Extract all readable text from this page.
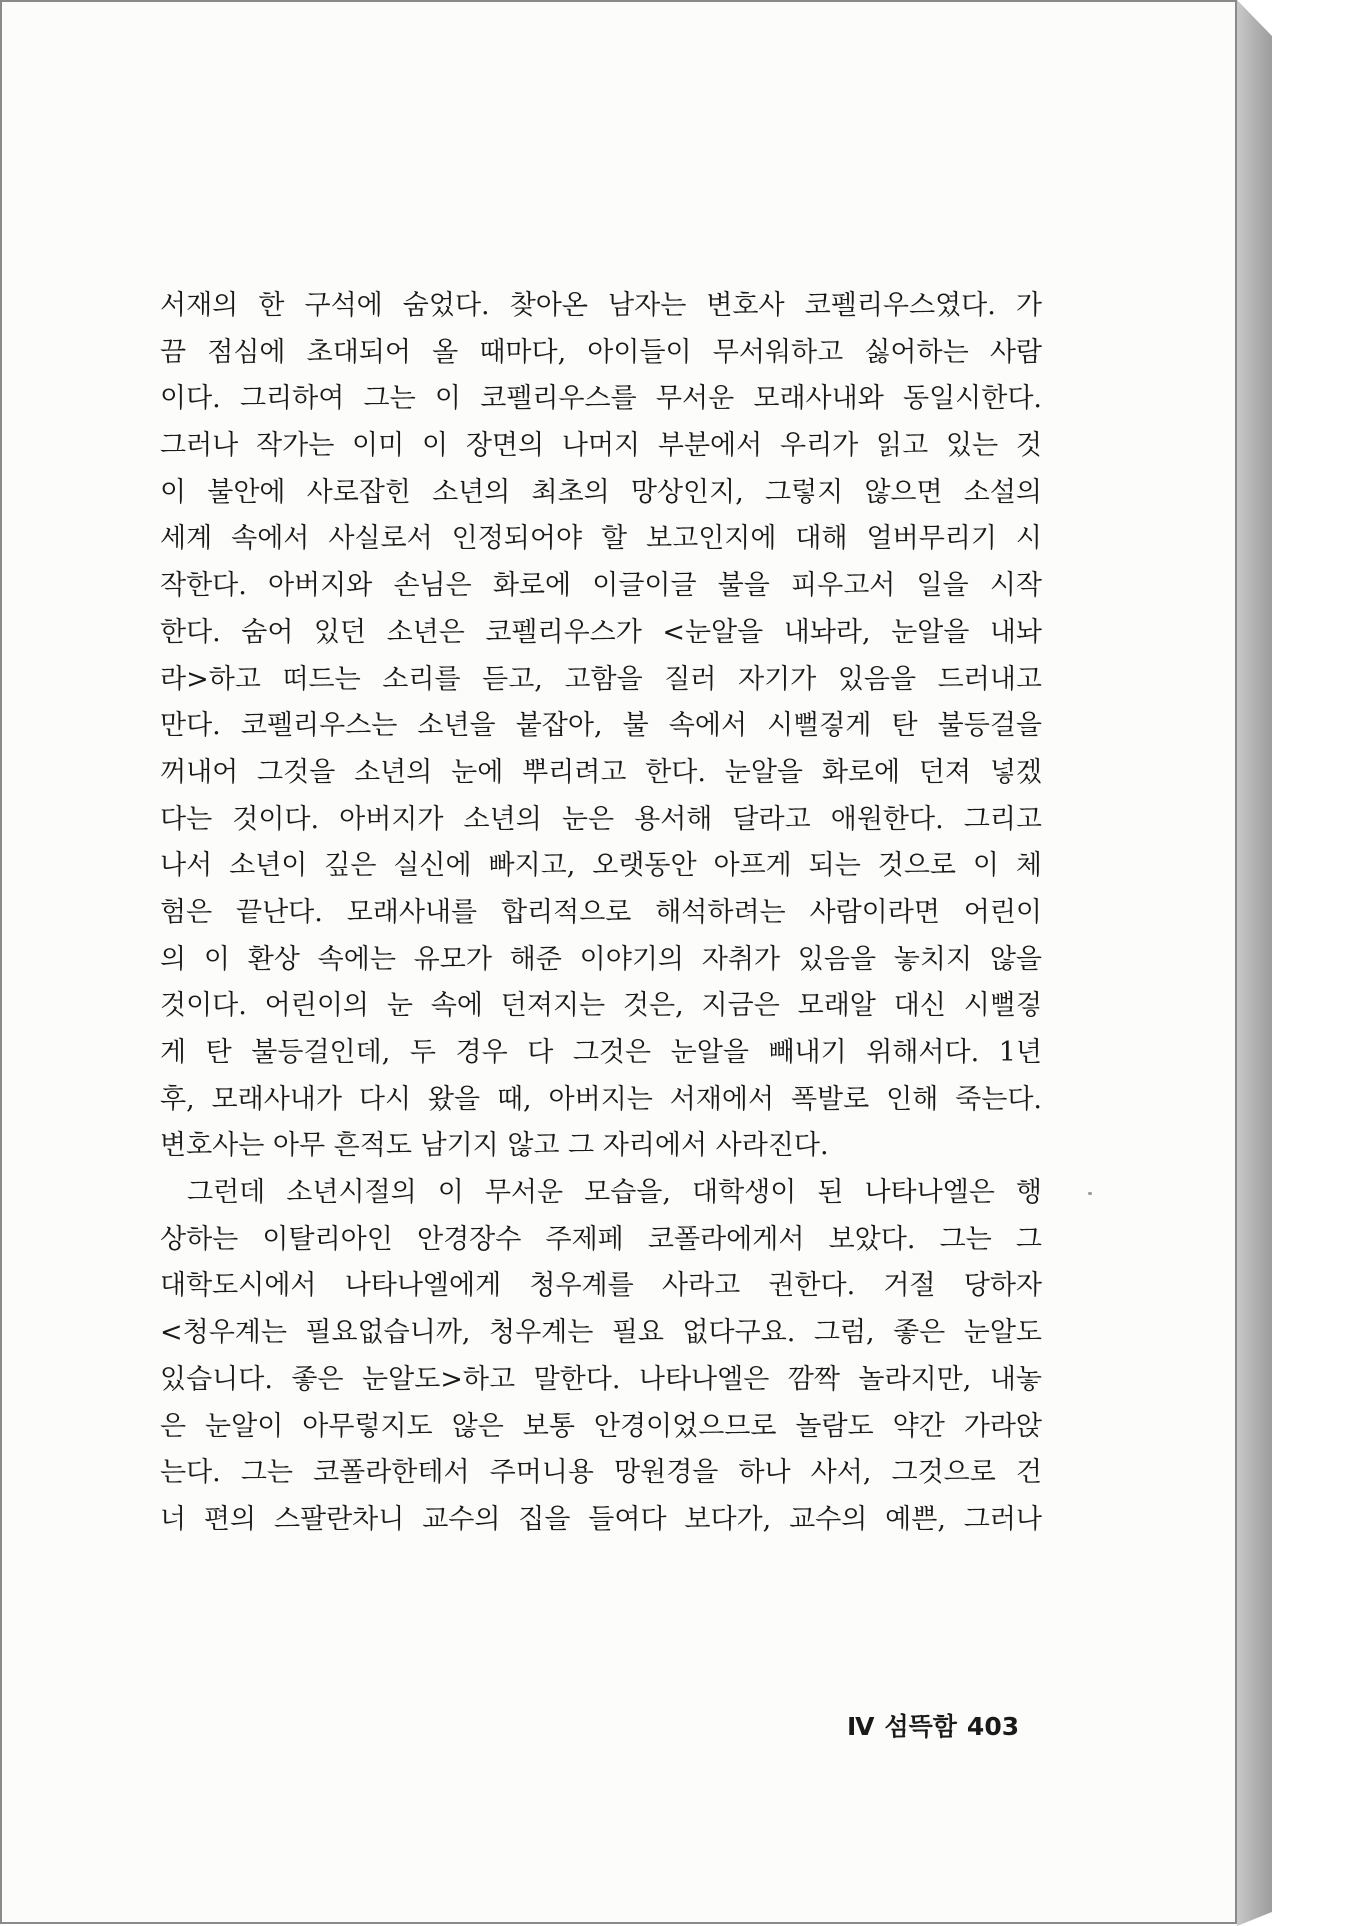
서재의 한 구석에 숨었다. 찾아온 남자는 변호사 코펠리우스였다. 가
끔 점심에 초대되어 올 때마다, 아이들이 무서워하고 싫어하는 사람
이다. 그리하여 그는 이 코펠리우스를 무서운 모래사내와 동일시한다.
그러나 작가는 이미 이 장면의 나머지 부분에서 우리가 읽고 있는 것
이 불안에 사로잡힌 소년의 최초의 망상인지, 그렇지 않으면 소설의
세계 속에서 사실로서 인정되어야 할 보고인지에 대해 얼버무리기 시
작한다. 아버지와 손님은 화로에 이글이글 불을 피우고서 일을 시작
한다. 숨어 있던 소년은 코펠리우스가 <눈알을 내놔라, 눈알을 내놔
라>하고 떠드는 소리를 듣고, 고함을 질러 자기가 있음을 드러내고
만다. 코펠리우스는 소년을 붙잡아, 불 속에서 시뻘겋게 탄 불등걸을
꺼내어 그것을 소년의 눈에 뿌리려고 한다. 눈알을 화로에 던져 넣겠
다는 것이다. 아버지가 소년의 눈은 용서해 달라고 애원한다. 그리고
나서 소년이 깊은 실신에 빠지고, 오랫동안 아프게 되는 것으로 이 체
험은 끝난다. 모래사내를 합리적으로 해석하려는 사람이라면 어린이
의 이 환상 속에는 유모가 해준 이야기의 자취가 있음을 놓치지 않을
것이다. 어린이의 눈 속에 던져지는 것은, 지금은 모래알 대신 시뻘겋
게 탄 불등걸인데, 두 경우 다 그것은 눈알을 빼내기 위해서다. 1년
후, 모래사내가 다시 왔을 때, 아버지는 서재에서 폭발로 인해 죽는다.
변호사는 아무 흔적도 남기지 않고 그 자리에서 사라진다.
그런데 소년시절의 이 무서운 모습을, 대학생이 된 나타나엘은 행
상하는 이탈리아인 안경장수 주제페 코폴라에게서 보았다. 그는 그
대학도시에서 나타나엘에게 청우계를 사라고 권한다. 거절 당하자
<청우계는 필요없습니까, 청우계는 필요 없다구요. 그럼, 좋은 눈알도
있습니다. 좋은 눈알도>하고 말한다. 나타나엘은 깜짝 놀라지만, 내놓
은 눈알이 아무렇지도 않은 보통 안경이었으므로 놀람도 약간 가라앉
는다. 그는 코폴라한테서 주머니용 망원경을 하나 사서, 그것으로 건
너 편의 스팔란차니 교수의 집을 들여다 보다가, 교수의 예쁜, 그러나
Ⅳ 섬뜩함 403
